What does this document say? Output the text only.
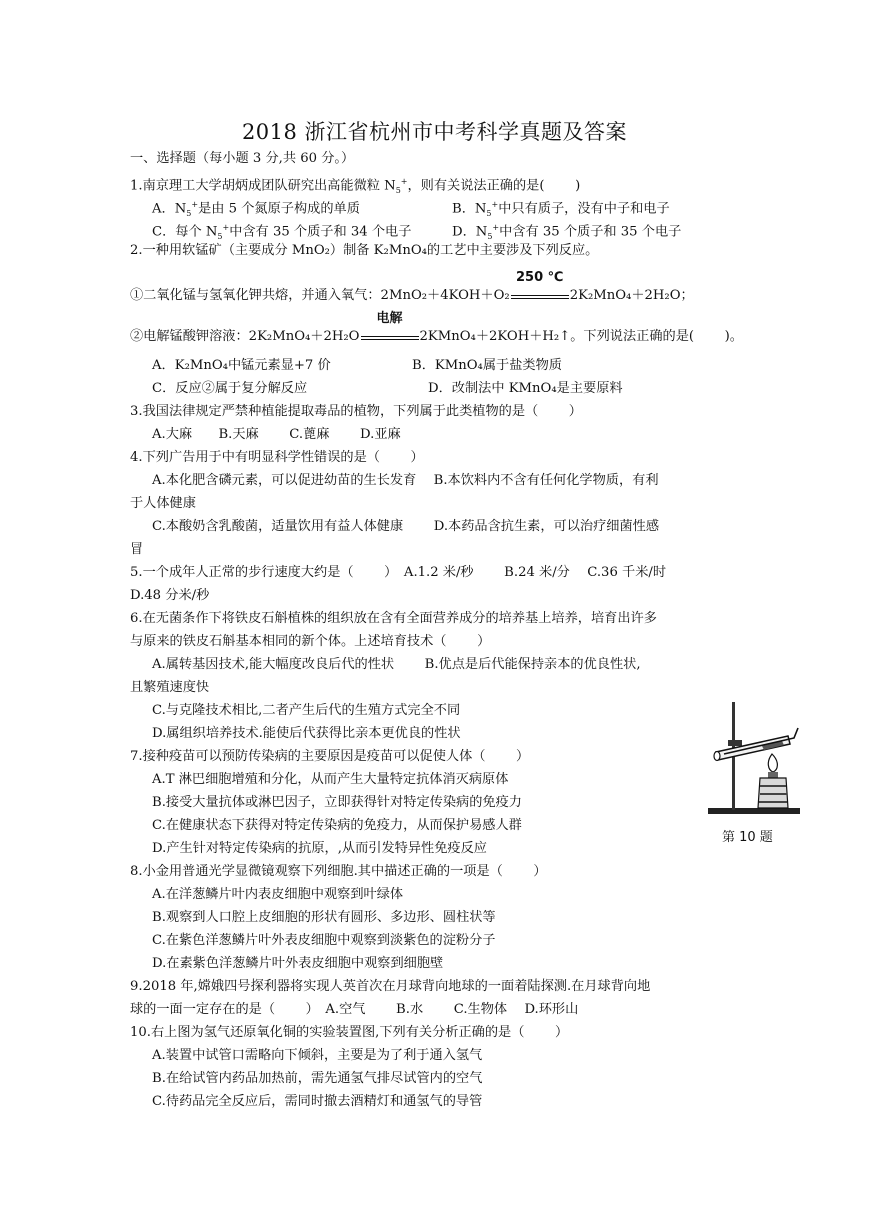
2018 浙江省杭州市中考科学真题及答案
一、选择题（每小题 3 分,共 60 分。）
1.南京理工大学胡炳成团队研究出高能微粒 $N_5^+$，则有关说法正确的是(　　 )
A．$N_5^+$是由 5 个氮原子构成的单质	B．$N_5^+$中只有质子，没有中子和电子
C．每个 $N_5^+$中含有 35 个质子和 34 个电子	D．$N_5^+$中含有 35 个质子和 35 个电子
2.一种用软锰矿（主要成分 MnO₂）制备 K₂MnO₄的工艺中主要涉及下列反应。
①二氧化锰与氢氧化钾共熔，并通入氧气：2MnO₂＋4KOH＋O₂
250 ℃
2K₂MnO₄＋2H₂O；
②电解锰酸钾溶液：2K₂MnO₄＋2H₂O
电解
2KMnO₄＋2KOH＋H₂↑。下列说法正确的是(　　 )。
A．K₂MnO₄中锰元素显+7 价	B．KMnO₄属于盐类物质
C．反应②属于复分解反应	D．改制法中 KMnO₄是主要原料
3.我国法律规定严禁种植能提取毒品的植物，下列属于此类植物的是（　　 ）
A.大麻　　B.天麻　　 C.蓖麻　　 D.亚麻
4.下列广告用于中有明显科学性错误的是（　　 ）
A.本化肥含磷元素，可以促进幼苗的生长发育　 B.本饮料内不含有任何化学物质，有利
于人体健康
C.本酸奶含乳酸菌，适量饮用有益人体健康　　 D.本药品含抗生素，可以治疗细菌性感
冒
5.一个成年人正常的步行速度大约是（　　 ）　A.1.2 米/秒　　 B.24 米/分　 C.36 千米/时
D.48 分米/秒
6.在无菌条作下将铁皮石斛植株的组织放在含有全面营养成分的培养基上培养，培育出许多
与原来的铁皮石斛基本相同的新个体。上述培育技术（　　 ）
A.属转基因技术,能大幅度改良后代的性状　　 B.优点是后代能保持亲本的优良性状,
且繁殖速度快
C.与克隆技术相比,二者产生后代的生殖方式完全不同
D.属组织培养技术.能使后代获得比亲本更优良的性状
7.接种疫苗可以预防传染病的主要原因是疫苗可以促使人体（　　 ）
A.T 淋巴细胞增殖和分化，从而产生大量特定抗体消灭病原体
B.接受大量抗体或淋巴因子，立即获得针对特定传染病的免疫力
C.在健康状态下获得对特定传染病的免疫力，从而保护易感人群
D.产生针对特定传染病的抗原，,从而引发特异性免疫反应
8.小金用普通光学显微镜观察下列细胞.其中描述正确的一项是（　　 ）
A.在洋葱鳞片叶内表皮细胞中观察到叶绿体
B.观察到人口腔上皮细胞的形状有圆形、多边形、圆柱状等
C.在紫色洋葱鳞片叶外表皮细胞中观察到淡紫色的淀粉分子
D.在素紫色洋葱鳞片叶外表皮细胞中观察到细胞壁
9.2018 年,嫦娥四号探利器将实现人英首次在月球背向地球的一面着陆探测.在月球背向地
球的一面一定存在的是（　　 ）　A.空气　　 B.水　　 C.生物体　 D.环形山
10.右上图为氢气还原氧化铜的实验装置图,下列有关分析正确的是（　　 ）
A.装置中试管口需略向下倾斜，主要是为了利于通入氢气
B.在给试管内药品加热前，需先通氢气排尽试管内的空气
C.待药品完全反应后，需同时撤去酒精灯和通氢气的导管
第 10 题
